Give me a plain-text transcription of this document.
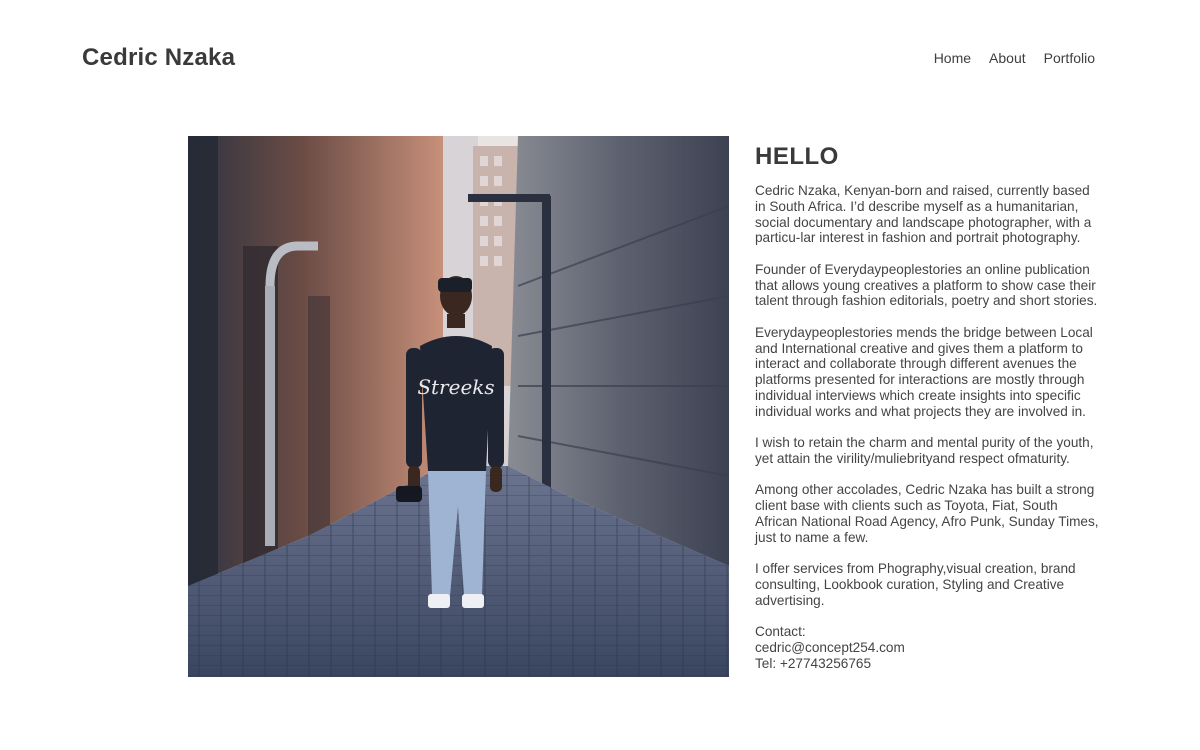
Cedric Nzaka	Home About Portfolio
Streeks
HELLO

Cedric Nzaka, Kenyan-born and raised, currently based in South Africa. I’d describe myself as a humanitarian, social documentary and landscape photographer, with a particu-lar interest in fashion and portrait photography.

Founder of Everydaypeoplestories an online publication that allows young creatives a platform to show case their talent through fashion editorials, poetry and short stories.

Everydaypeoplestories mends the bridge between Local and International creative and gives them a platform to interact and collaborate through different avenues the platforms presented for interactions are mostly through individual interviews which create insights into specific individual works and what projects they are involved in.

I wish to retain the charm and mental purity of the youth, yet attain the virility/muliebrityand respect ofmaturity.

Among other accolades, Cedric Nzaka has built a strong client base with clients such as Toyota, Fiat, South African National Road Agency, Afro Punk, Sunday Times, just to name a few.

I offer services from Phography,visual creation, brand consulting, Lookbook curation, Styling and Creative advertising.

Contact:
cedric@concept254.com
Tel: +27743256765
